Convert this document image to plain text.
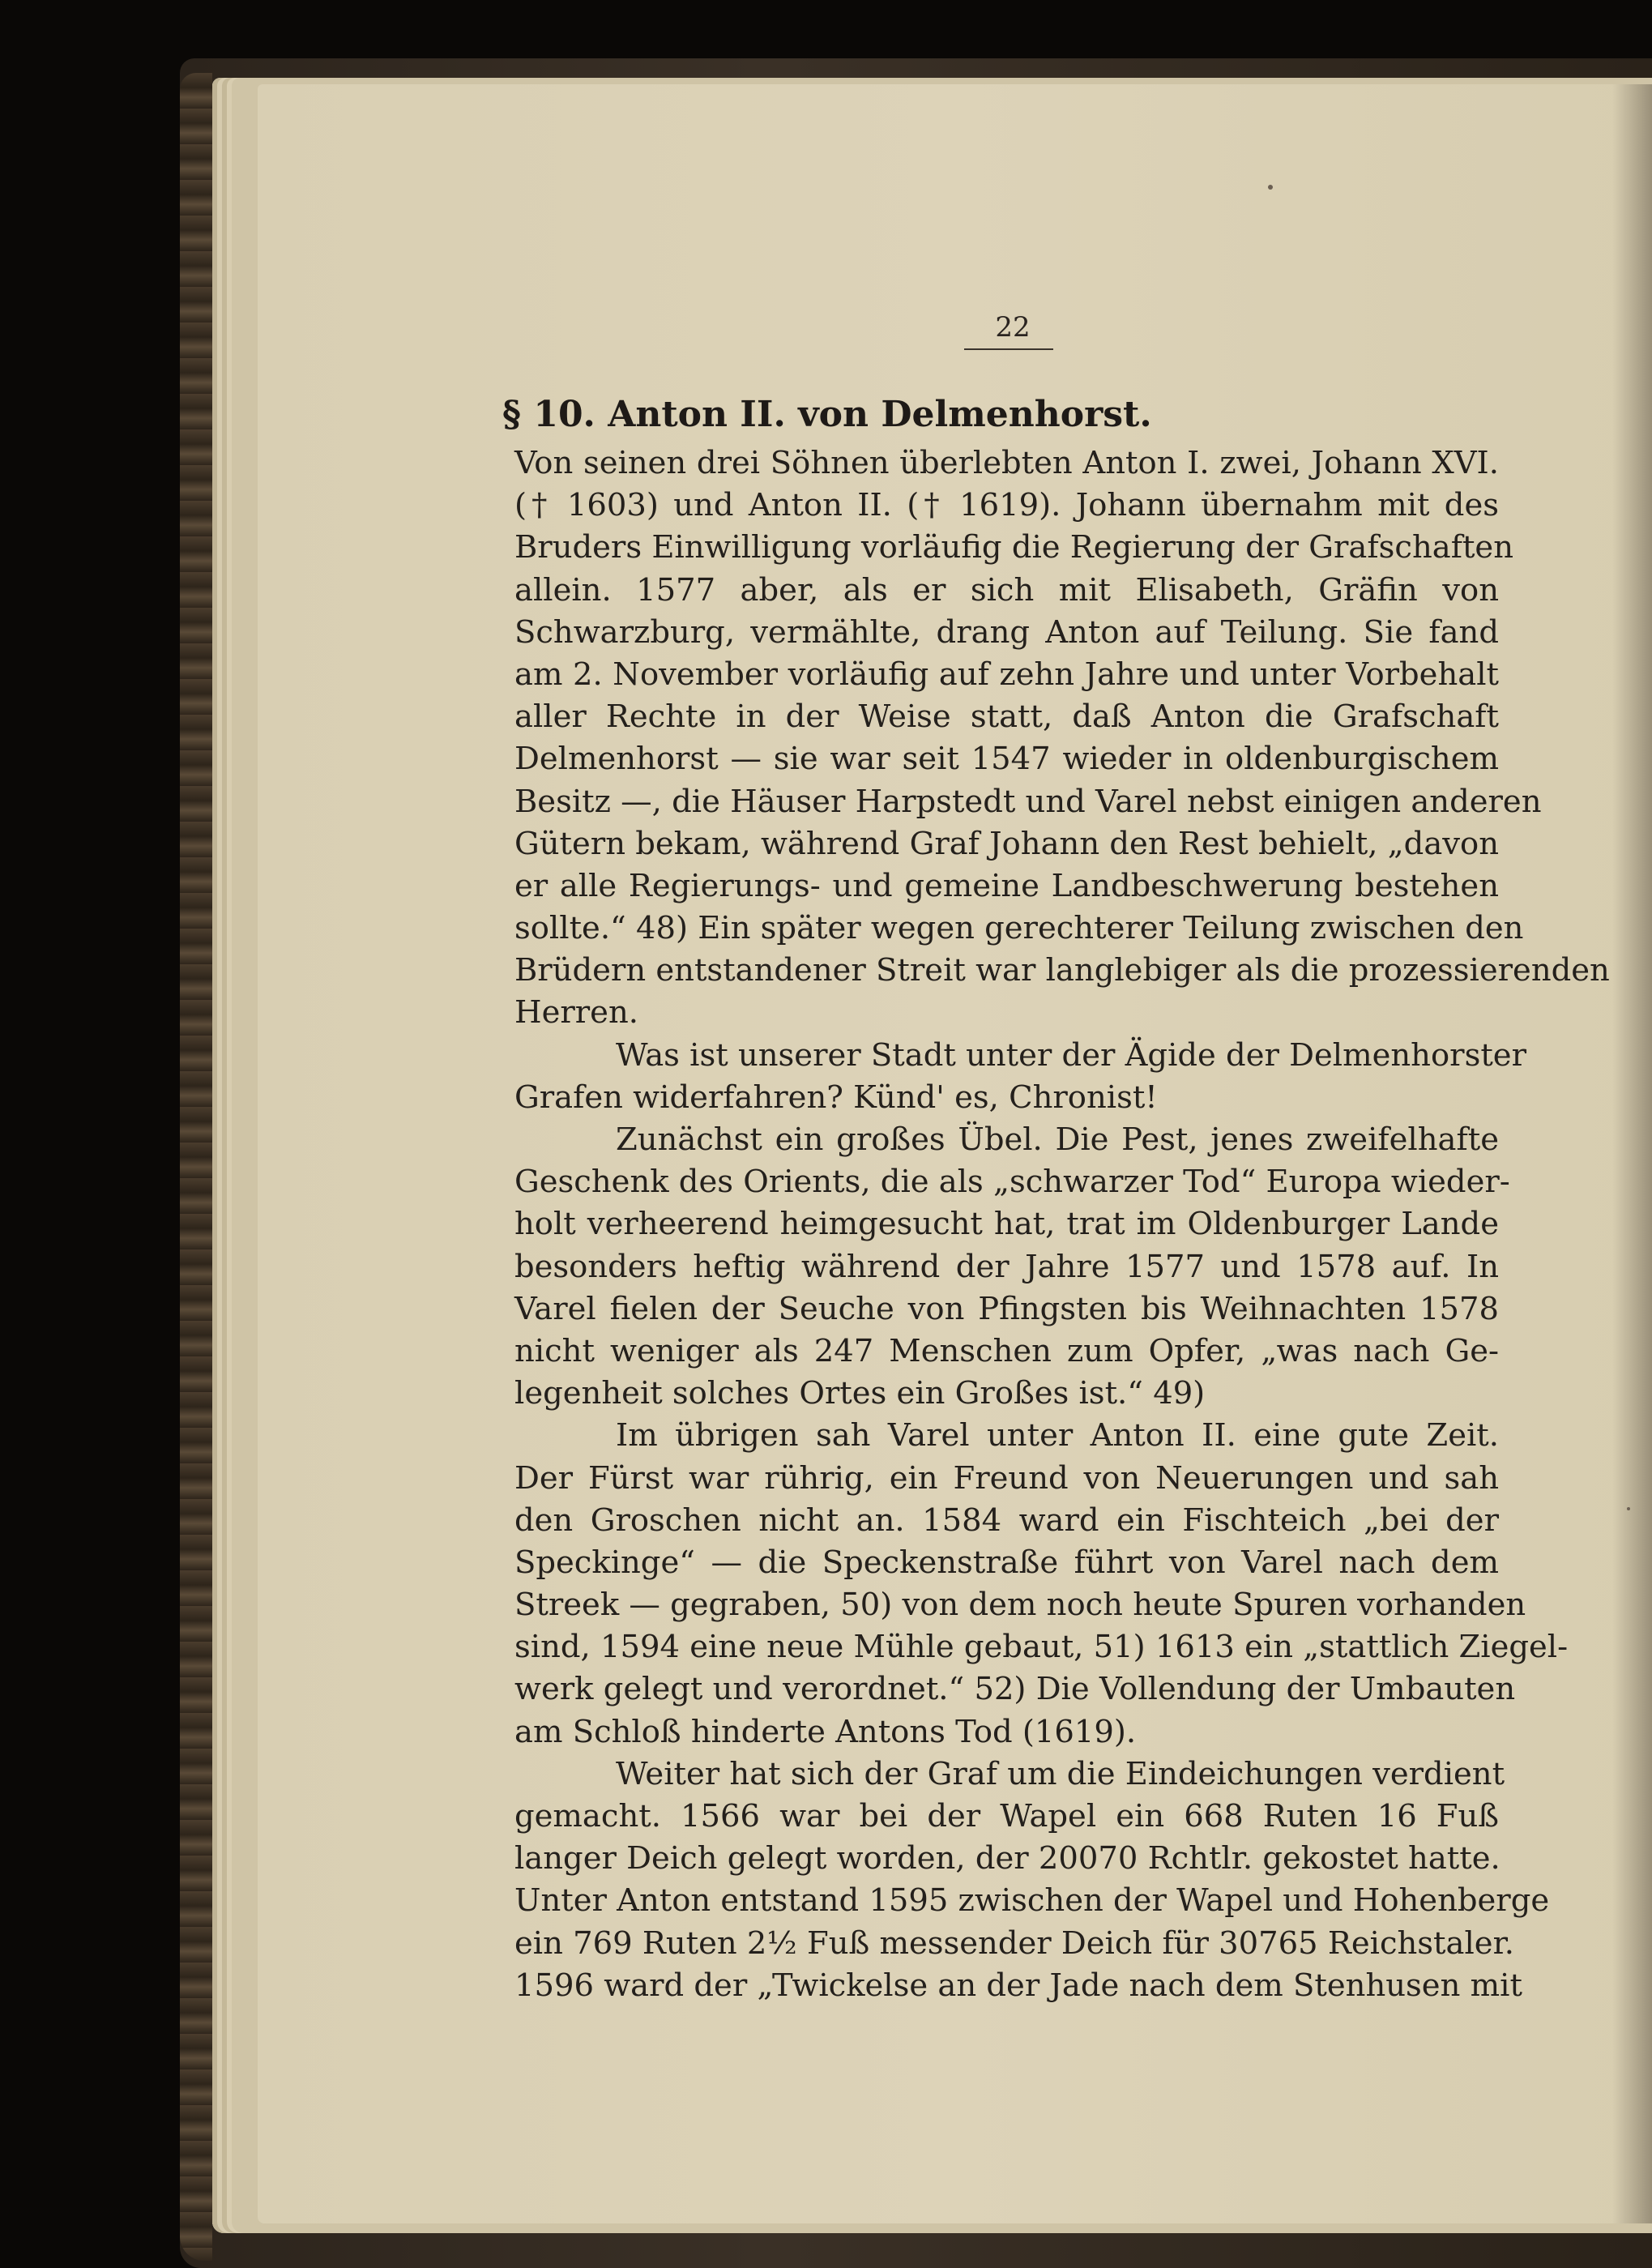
22
§ 10. Anton II. von Delmenhorst.
Von seinen drei Söhnen überlebten Anton I. zwei, Johann XVI.
(† 1603) und Anton II. († 1619). Johann übernahm mit des
Bruders Einwilligung vorläufig die Regierung der Grafschaften
allein. 1577 aber, als er sich mit Elisabeth, Gräfin von
Schwarzburg, vermählte, drang Anton auf Teilung. Sie fand
am 2. November vorläufig auf zehn Jahre und unter Vorbehalt
aller Rechte in der Weise statt, daß Anton die Grafschaft
Delmenhorst — sie war seit 1547 wieder in oldenburgischem
Besitz —, die Häuser Harpstedt und Varel nebst einigen anderen
Gütern bekam, während Graf Johann den Rest behielt, „davon
er alle Regierungs- und gemeine Landbeschwerung bestehen
sollte.“ 48) Ein später wegen gerechterer Teilung zwischen den
Brüdern entstandener Streit war langlebiger als die prozessierenden
Herren.
Was ist unserer Stadt unter der Ägide der Delmenhorster
Grafen widerfahren? Künd' es, Chronist!
Zunächst ein großes Übel. Die Pest, jenes zweifelhafte
Geschenk des Orients, die als „schwarzer Tod“ Europa wieder-
holt verheerend heimgesucht hat, trat im Oldenburger Lande
besonders heftig während der Jahre 1577 und 1578 auf. In
Varel fielen der Seuche von Pfingsten bis Weihnachten 1578
nicht weniger als 247 Menschen zum Opfer, „was nach Ge-
legenheit solches Ortes ein Großes ist.“ 49)
Im übrigen sah Varel unter Anton II. eine gute Zeit.
Der Fürst war rührig, ein Freund von Neuerungen und sah
den Groschen nicht an. 1584 ward ein Fischteich „bei der
Speckinge“ — die Speckenstraße führt von Varel nach dem
Streek — gegraben, 50) von dem noch heute Spuren vorhanden
sind, 1594 eine neue Mühle gebaut, 51) 1613 ein „stattlich Ziegel-
werk gelegt und verordnet.“ 52) Die Vollendung der Umbauten
am Schloß hinderte Antons Tod (1619).
Weiter hat sich der Graf um die Eindeichungen verdient
gemacht. 1566 war bei der Wapel ein 668 Ruten 16 Fuß
langer Deich gelegt worden, der 20070 Rchtlr. gekostet hatte.
Unter Anton entstand 1595 zwischen der Wapel und Hohenberge
ein 769 Ruten 2½ Fuß messender Deich für 30765 Reichstaler.
1596 ward der „Twickelse an der Jade nach dem Stenhusen mit
